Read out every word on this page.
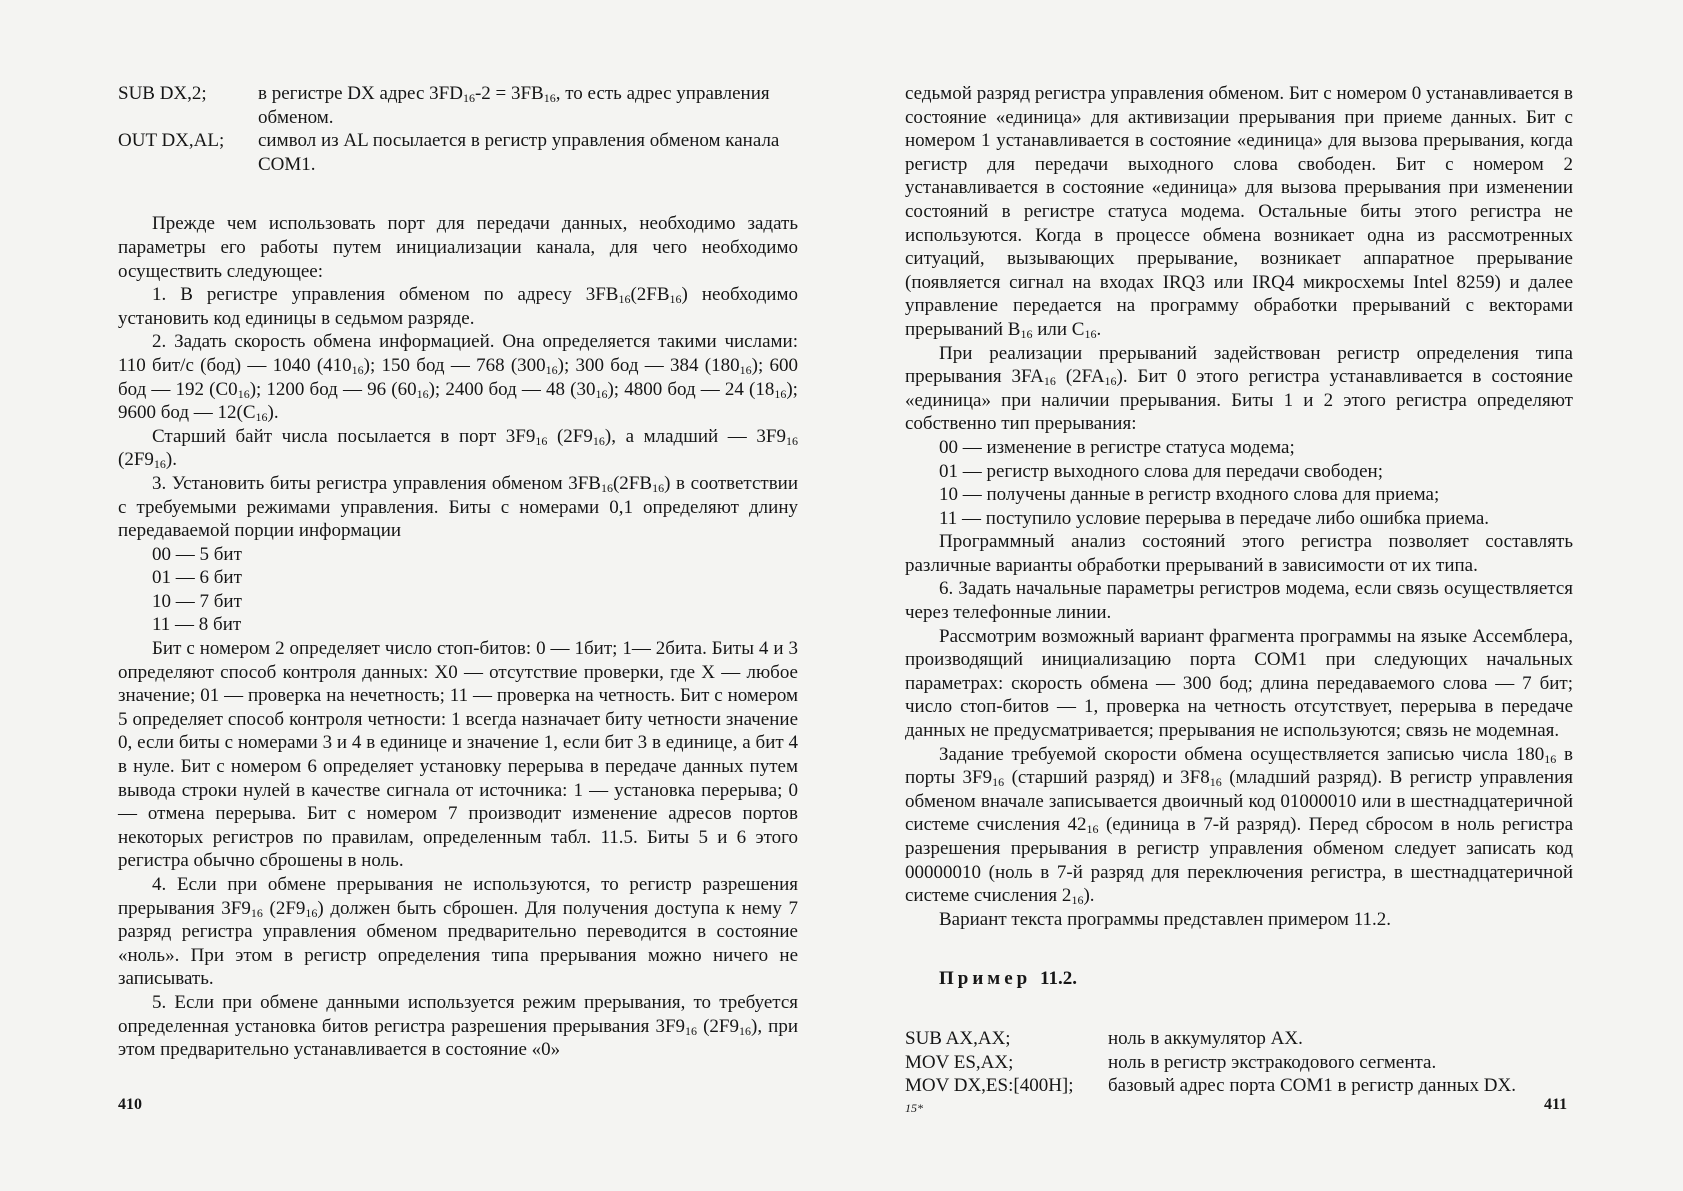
SUB DX,2;	в регистре DX адрес $3FD_{16}-2 = 3FB_{16}$, то есть адрес управления обменом.
OUT DX,AL;	символ из AL посылается в регистр управления обменом канала COM1.

Прежде чем использовать порт для передачи данных, необходимо задать параметры его работы путем инициализации канала, для чего необходимо осуществить следующее:

1. В регистре управления обменом по адресу $3FB_{16}(2FB_{16})$ необходимо установить код единицы в седьмом разряде.

2. Задать скорость обмена информацией. Она определяется такими числами: 110 бит/с (бод) — 1040 $(410_{16})$; 150 бод — 768 $(300_{16})$; 300 бод — 384 $(180_{16})$; 600 бод — 192 $(C0_{16})$; 1200 бод — 96 $(60_{16})$; 2400 бод — 48 $(30_{16})$; 4800 бод — 24 $(18_{16})$; 9600 бод — $12(C_{16})$.

Старший байт числа посылается в порт $3F9_{16}$ $(2F9_{16})$, а младший — $3F9_{16}$ $(2F9_{16})$.

3. Установить биты регистра управления обменом $3FB_{16}(2FB_{16})$ в соответствии с требуемыми режимами управления. Биты с номерами 0,1 определяют длину передаваемой порции информации

00 — 5 бит
01 — 6 бит
10 — 7 бит
11 — 8 бит

Бит с номером 2 определяет число стоп-битов: 0 — 1бит; 1— 2бита. Биты 4 и 3 определяют способ контроля данных: X0 — отсутствие проверки, где X — любое значение; 01 — проверка на нечетность; 11 — проверка на четность. Бит с номером 5 определяет способ контроля четности: 1 всегда назначает биту четности значение 0, если биты с номерами 3 и 4 в единице и значение 1, если бит 3 в единице, а бит 4 в нуле. Бит с номером 6 определяет установку перерыва в передаче данных путем вывода строки нулей в качестве сигнала от источника: 1 — установка перерыва; 0 — отмена перерыва. Бит с номером 7 производит изменение адресов портов некоторых регистров по правилам, определенным табл. 11.5. Биты 5 и 6 этого регистра обычно сброшены в ноль.

4. Если при обмене прерывания не используются, то регистр разрешения прерывания $3F9_{16}$ $(2F9_{16})$ должен быть сброшен. Для получения доступа к нему 7 разряд регистра управления обменом предварительно переводится в состояние «ноль». При этом в регистр определения типа прерывания можно ничего не записывать.

5. Если при обмене данными используется режим прерывания, то требуется определенная установка битов регистра разрешения прерывания $3F9_{16}$ $(2F9_{16})$, при этом предварительно устанавливается в состояние «0»

410

седьмой разряд регистра управления обменом. Бит с номером 0 устанавливается в состояние «единица» для активизации прерывания при приеме данных. Бит с номером 1 устанавливается в состояние «единица» для вызова прерывания, когда регистр для передачи выходного слова свободен. Бит с номером 2 устанавливается в состояние «единица» для вызова прерывания при изменении состояний в регистре статуса модема. Остальные биты этого регистра не используются. Когда в процессе обмена возникает одна из рассмотренных ситуаций, вызывающих прерывание, возникает аппаратное прерывание (появляется сигнал на входах IRQ3 или IRQ4 микросхемы Intel 8259) и далее управление передается на программу обработки прерываний с векторами прерываний $B_{16}$ или $C_{16}$.

При реализации прерываний задействован регистр определения типа прерывания $3FA_{16}$ $(2FA_{16})$. Бит 0 этого регистра устанавливается в состояние «единица» при наличии прерывания. Биты 1 и 2 этого регистра определяют собственно тип прерывания:

00 — изменение в регистре статуса модема;
01 — регистр выходного слова для передачи свободен;
10 — получены данные в регистр входного слова для приема;
11 — поступило условие перерыва в передаче либо ошибка приема.

Программный анализ состояний этого регистра позволяет составлять различные варианты обработки прерываний в зависимости от их типа.

6. Задать начальные параметры регистров модема, если связь осуществляется через телефонные линии.

Рассмотрим возможный вариант фрагмента программы на языке Ассемблера, производящий инициализацию порта COM1 при следующих начальных параметрах: скорость обмена — 300 бод; длина передаваемого слова — 7 бит; число стоп-битов — 1, проверка на четность отсутствует, перерыва в передаче данных не предусматривается; прерывания не используются; связь не модемная.

Задание требуемой скорости обмена осуществляется записью числа $180_{16}$ в порты $3F9_{16}$ (старший разряд) и $3F8_{16}$ (младший разряд). В регистр управления обменом вначале записывается двоичный код 01000010 или в шестнадцатеричной системе счисления $42_{16}$ (единица в 7-й разряд). Перед сбросом в ноль регистра разрешения прерывания в регистр управления обменом следует записать код 00000010 (ноль в 7-й разряд для переключения регистра, в шестнадцатеричной системе счисления $2_{16}$).

Вариант текста программы представлен примером 11.2.

Пример 11.2.
SUB AX,AX;	ноль в аккумулятор AX.
MOV ES,AX;	ноль в регистр экстракодового сегмента.
MOV DX,ES:[400H];	базовый адрес порта COM1 в регистр данных DX.
15*	411
